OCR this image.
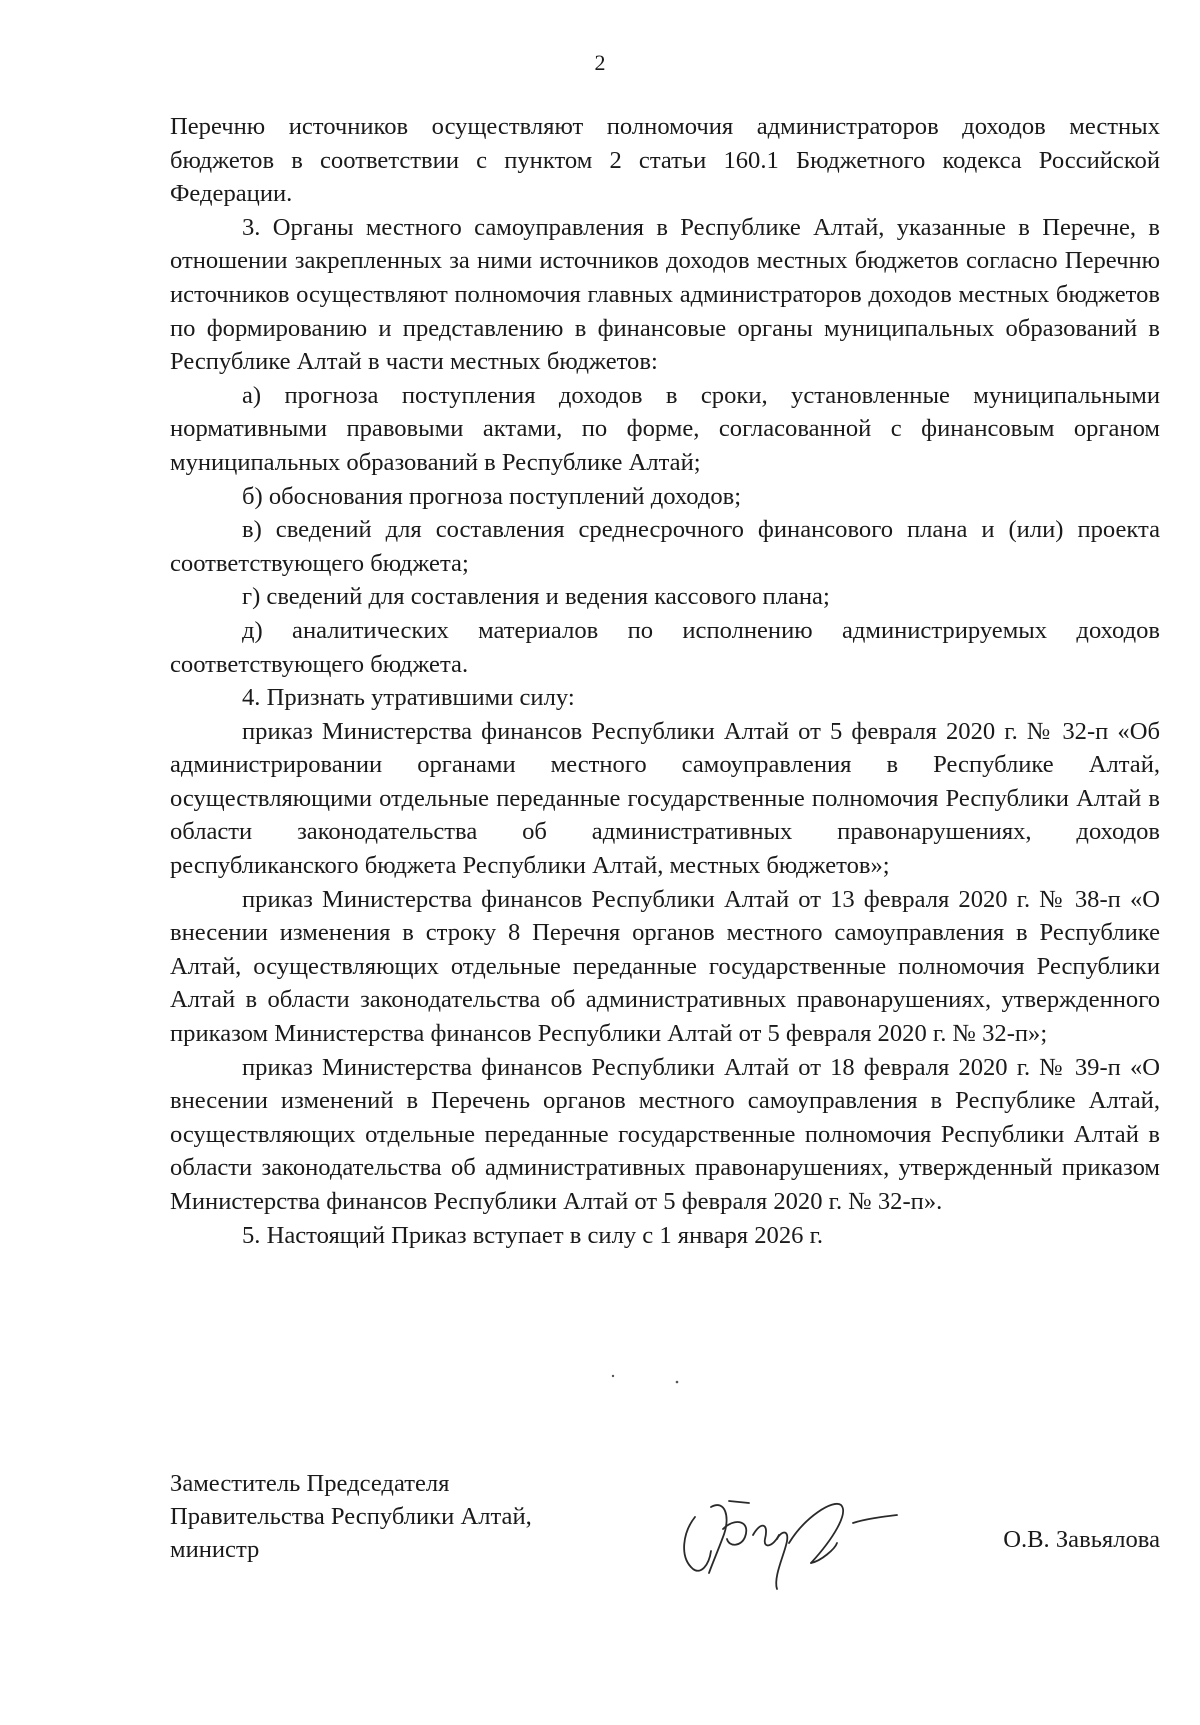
2

Перечню источников осуществляют полномочия администраторов доходов местных бюджетов в соответствии с пунктом 2 статьи 160.1 Бюджетного кодекса Российской Федерации.

3. Органы местного самоуправления в Республике Алтай, указанные в Перечне, в отношении закрепленных за ними источников доходов местных бюджетов согласно Перечню источников осуществляют полномочия главных администраторов доходов местных бюджетов по формированию и представлению в финансовые органы муниципальных образований в Республике Алтай в части местных бюджетов:

а) прогноза поступления доходов в сроки, установленные муниципальными нормативными правовыми актами, по форме, согласованной с финансовым органом муниципальных образований в Республике Алтай;

б) обоснования прогноза поступлений доходов;

в) сведений для составления среднесрочного финансового плана и (или) проекта соответствующего бюджета;

г) сведений для составления и ведения кассового плана;

д) аналитических материалов по исполнению администрируемых доходов соответствующего бюджета.

4. Признать утратившими силу:

приказ Министерства финансов Республики Алтай от 5 февраля 2020 г. № 32-п «Об администрировании органами местного самоуправления в Республике Алтай, осуществляющими отдельные переданные государственные полномочия Республики Алтай в области законодательства об административных правонарушениях, доходов республиканского бюджета Республики Алтай, местных бюджетов»;

приказ Министерства финансов Республики Алтай от 13 февраля 2020 г. № 38-п «О внесении изменения в строку 8 Перечня органов местного самоуправления в Республике Алтай, осуществляющих отдельные переданные государственные полномочия Республики Алтай в области законодательства об административных правонарушениях, утвержденного приказом Министерства финансов Республики Алтай от 5 февраля 2020 г. № 32-п»;

приказ Министерства финансов Республики Алтай от 18 февраля 2020 г. № 39-п «О внесении изменений в Перечень органов местного самоуправления в Республике Алтай, осуществляющих отдельные переданные государственные полномочия Республики Алтай в области законодательства об административных правонарушениях, утвержденный приказом Министерства финансов Республики Алтай от 5 февраля 2020 г. № 32-п».

5. Настоящий Приказ вступает в силу с 1 января 2026 г.

Заместитель Председателя
Правительства Республики Алтай,
министр	О.В. Завьялова
